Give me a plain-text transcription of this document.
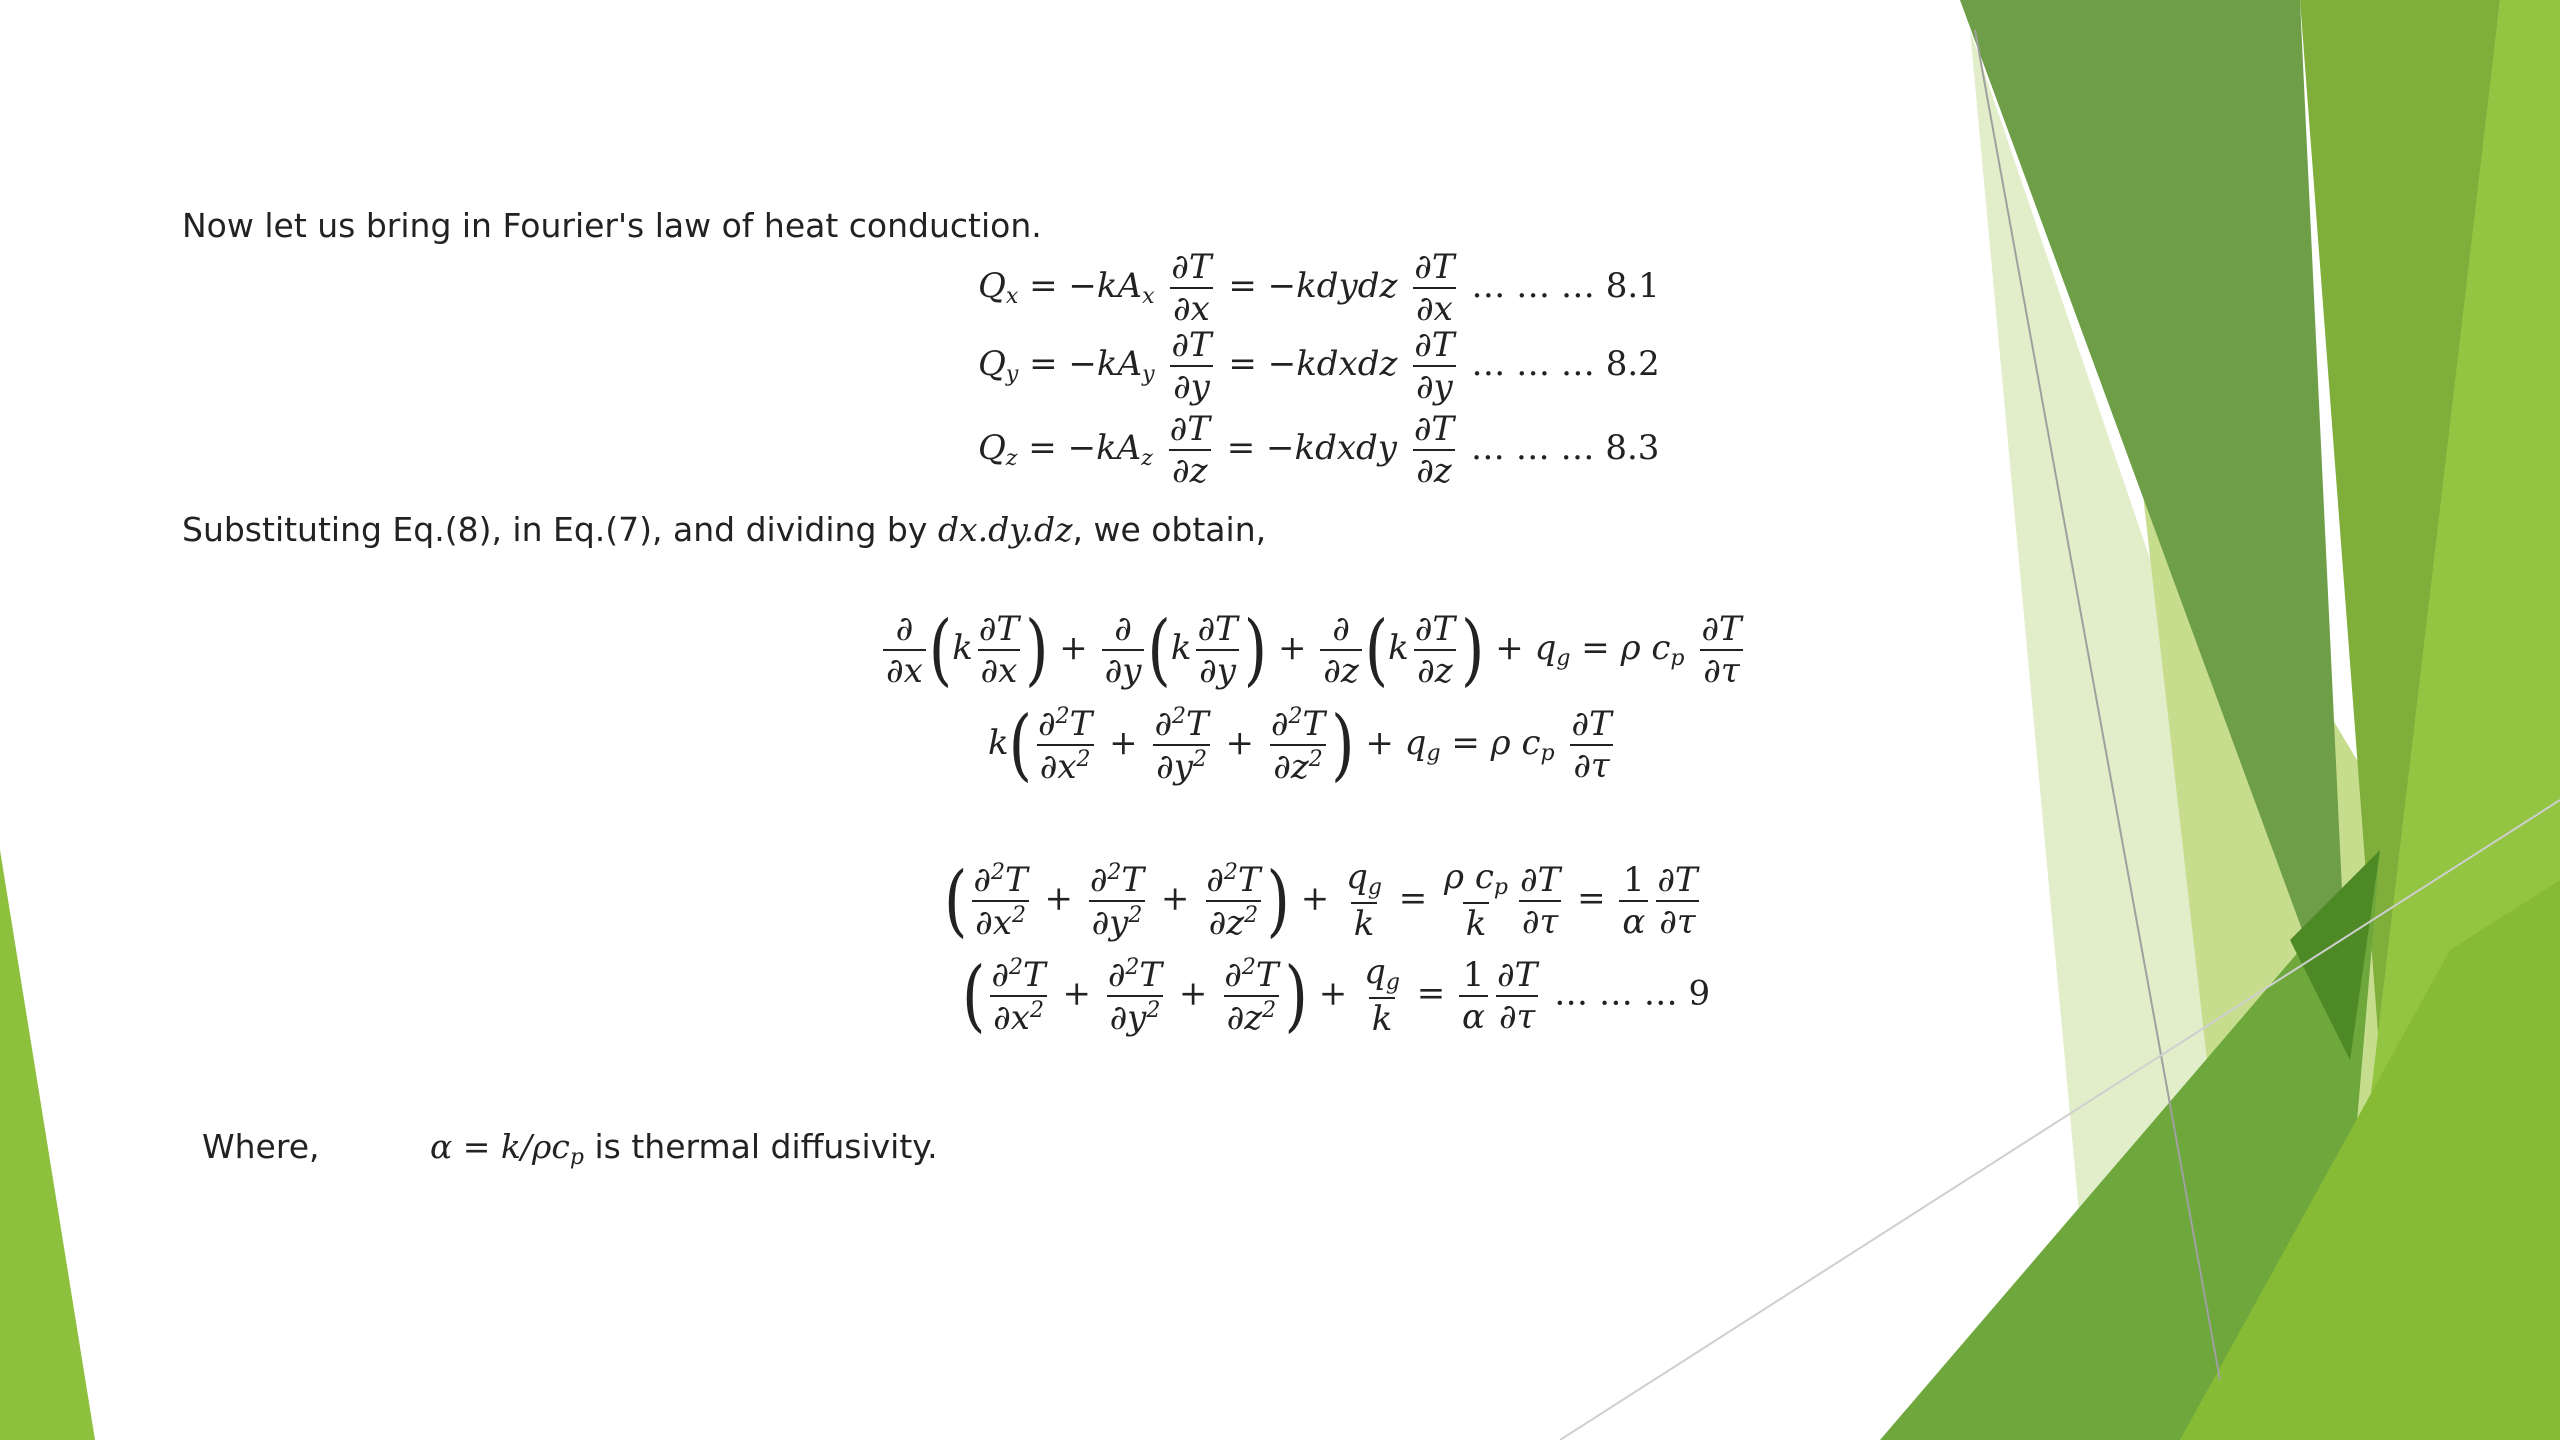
Now let us bring in Fourier's law of heat conduction.
$Q_x = -kA_x \frac{\partial T}{\partial x}$ = −kdydz $\frac{\partial T}{\partial x}$ … … … 8.1
$Q_y = -kA_y \frac{\partial T}{\partial y}$ = −kdxdz $\frac{\partial T}{\partial y}$ … … … 8.2
$Q_z = -kA_z \frac{\partial T}{\partial z}$ = −kdxdy $\frac{\partial T}{\partial z}$ … … … 8.3
Substituting Eq.(8), in Eq.(7), and dividing by dx.dy.dz, we obtain,
$\frac{\partial}{\partial x} (k \frac{\partial T}{\partial x}$ ) + $\frac{\partial}{\partial y} (k \frac{\partial T}{\partial y}$ ) + $\frac{\partial}{\partial z} (k \frac{\partial T}{\partial z}$ ) + $q_g = \rho$ $c_p \frac{\partial T}{\partial\tau}$
$k( \frac{\partial^2T}{\partial x^2} + \frac{\partial^2T}{\partial y^2} + \frac{\partial^2T}{\partial z^2}$ ) + $q_g = \rho$ $c_p \frac{\partial T}{\partial\tau}$
( $\frac{\partial^2T}{\partial x^2} + \frac{\partial^2T}{\partial y^2} + \frac{\partial^2T}{\partial z^2}$ ) + $\frac{q_g}{k} = \frac{\rho c_p}{k} \frac{\partial T}{\partial\tau} = \frac{1}{\alpha} \frac{\partial T}{\partial\tau}$
( $\frac{\partial^2T}{\partial x^2} + \frac{\partial^2T}{\partial y^2} + \frac{\partial^2T}{\partial z^2}$ ) + $\frac{q_g}{k} = \frac{1}{\alpha} \frac{\partial T}{\partial\tau}$ … … … 9
Where,	$\alpha = k/\rho c_p$ is thermal diffusivity.
